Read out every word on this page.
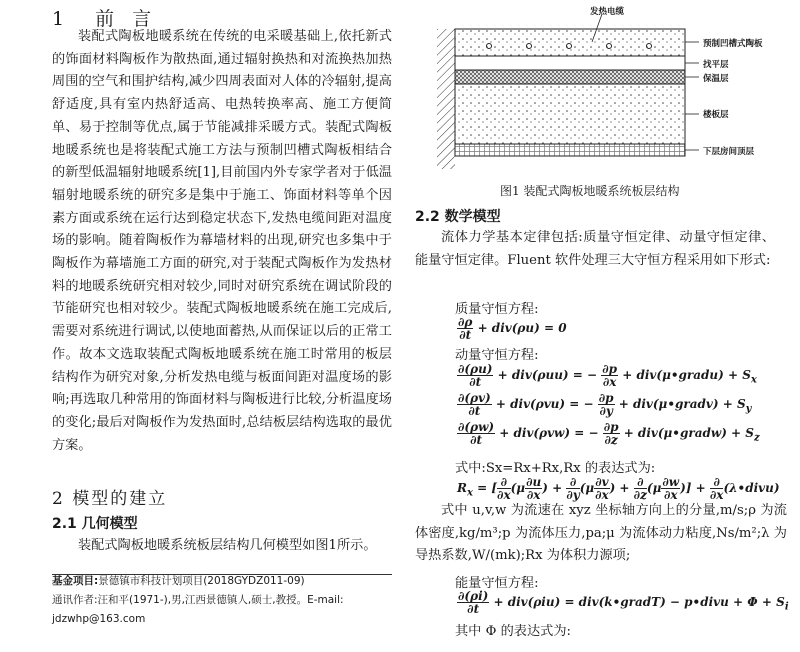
1　前 言
装配式陶板地暖系统在传统的电采暖基础上,依托新式的饰面材料陶板作为散热面,通过辐射换热和对流换热加热周围的空气和围护结构,减少四周表面对人体的冷辐射,提高舒适度,具有室内热舒适高、电热转换率高、施工方便简单、易于控制等优点,属于节能减排采暖方式。装配式陶板地暖系统也是将装配式施工方法与预制凹槽式陶板相结合的新型低温辐射地暖系统[1],目前国内外专家学者对于低温辐射地暖系统的研究多是集中于施工、饰面材料等单个因素方面或系统在运行达到稳定状态下,发热电缆间距对温度场的影响。随着陶板作为幕墙材料的出现,研究也多集中于陶板作为幕墙施工方面的研究,对于装配式陶板作为发热材料的地暖系统研究相对较少,同时对研究系统在调试阶段的节能研究也相对较少。装配式陶板地暖系统在施工完成后,需要对系统进行调试,以使地面蓄热,从而保证以后的正常工作。故本文选取装配式陶板地暖系统在施工时常用的板层结构作为研究对象,分析发热电缆与板面间距对温度场的影响;再选取几种常用的饰面材料与陶板进行比较,分析温度场的变化;最后对陶板作为发热面时,总结板层结构选取的最优方案。
2 模型的建立
2.1 几何模型
装配式陶板地暖系统板层结构几何模型如图1所示。
基金项目:景德镇市科技计划项目(2018GYDZ011-09)
通讯作者:汪和平(1971-),男,江西景德镇人,硕士,教授。E-mail:
jdzwhp@163.com
发热电缆
预制凹槽式陶板
找平层
保温层
楼板层
下层房间顶层
图1 装配式陶板地暖系统板层结构
2.2 数学模型
流体力学基本定律包括:质量守恒定律、动量守恒定律、能量守恒定律。Fluent 软件处理三大守恒方程采用如下形式:
质量守恒方程:
$\frac{\partial\rho}{\partial t} + div(\rho u) = 0$
动量守恒方程:
$\frac{\partial(\rho u)}{\partial t} + div(\rho uu)$ = − $\frac{\partial p}{\partial x}$ + div(μ•gradu) + $S_x$
$\frac{\partial(\rho v)}{\partial t} + div(\rho vu)$ = − $\frac{\partial p}{\partial y}$ + div(μ•gradv) + $S_y$
$\frac{\partial(\rho w)}{\partial t} + div(\rho vw)$ = − $\frac{\partial p}{\partial z}$ + div(μ•gradw) + $S_z$
式中:Sx=Rx+Rx,Rx 的表达式为:
$R_x$ = [ $\frac{\partial}{\partial x} (\mu \frac{\partial u}{\partial x}$ ) + $\frac{\partial}{\partial y} (\mu \frac{\partial v}{\partial x}$ ) + $\frac{\partial}{\partial z} (\mu \frac{\partial w}{\partial x}$ )] + $\frac{\partial}{\partial x}$ (λ•divu)
式中 u,v,w 为流速在 xyz 坐标轴方向上的分量,m/s;ρ 为流体密度,kg/m³;p 为流体压力,pa;μ 为流体动力粘度,Ns/m²;λ 为导热系数,W/(mk);Rx 为体积力源项;
能量守恒方程:
$\frac{\partial(\rho i)}{\partial t} + div(\rho iu)$ = div(k•gradT) − p•divu + $\Phi + S_i$
其中 Φ 的表达式为:
